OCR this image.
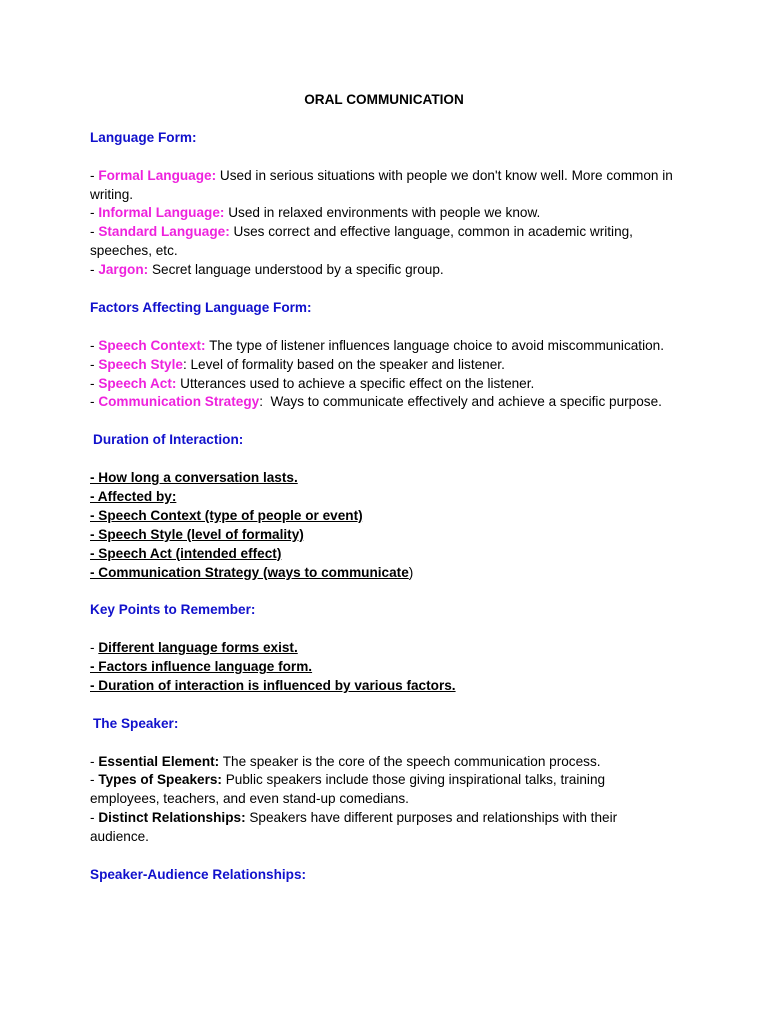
ORAL COMMUNICATION
Language Form:
- Formal Language: Used in serious situations with people we don't know well. More common in writing.
- Informal Language: Used in relaxed environments with people we know.
- Standard Language: Uses correct and effective language, common in academic writing, speeches, etc.
- Jargon: Secret language understood by a specific group.
Factors Affecting Language Form:
- Speech Context: The type of listener influences language choice to avoid miscommunication.
- Speech Style: Level of formality based on the speaker and listener.
- Speech Act: Utterances used to achieve a specific effect on the listener.
- Communication Strategy:  Ways to communicate effectively and achieve a specific purpose.
Duration of Interaction:
- How long a conversation lasts.
- Affected by:
- Speech Context (type of people or event)
- Speech Style (level of formality)
- Speech Act (intended effect)
- Communication Strategy (ways to communicate)
Key Points to Remember:
- Different language forms exist.
- Factors influence language form.
- Duration of interaction is influenced by various factors.
The Speaker:
- Essential Element: The speaker is the core of the speech communication process.
- Types of Speakers: Public speakers include those giving inspirational talks, training employees, teachers, and even stand-up comedians.
- Distinct Relationships: Speakers have different purposes and relationships with their audience.
Speaker-Audience Relationships:
